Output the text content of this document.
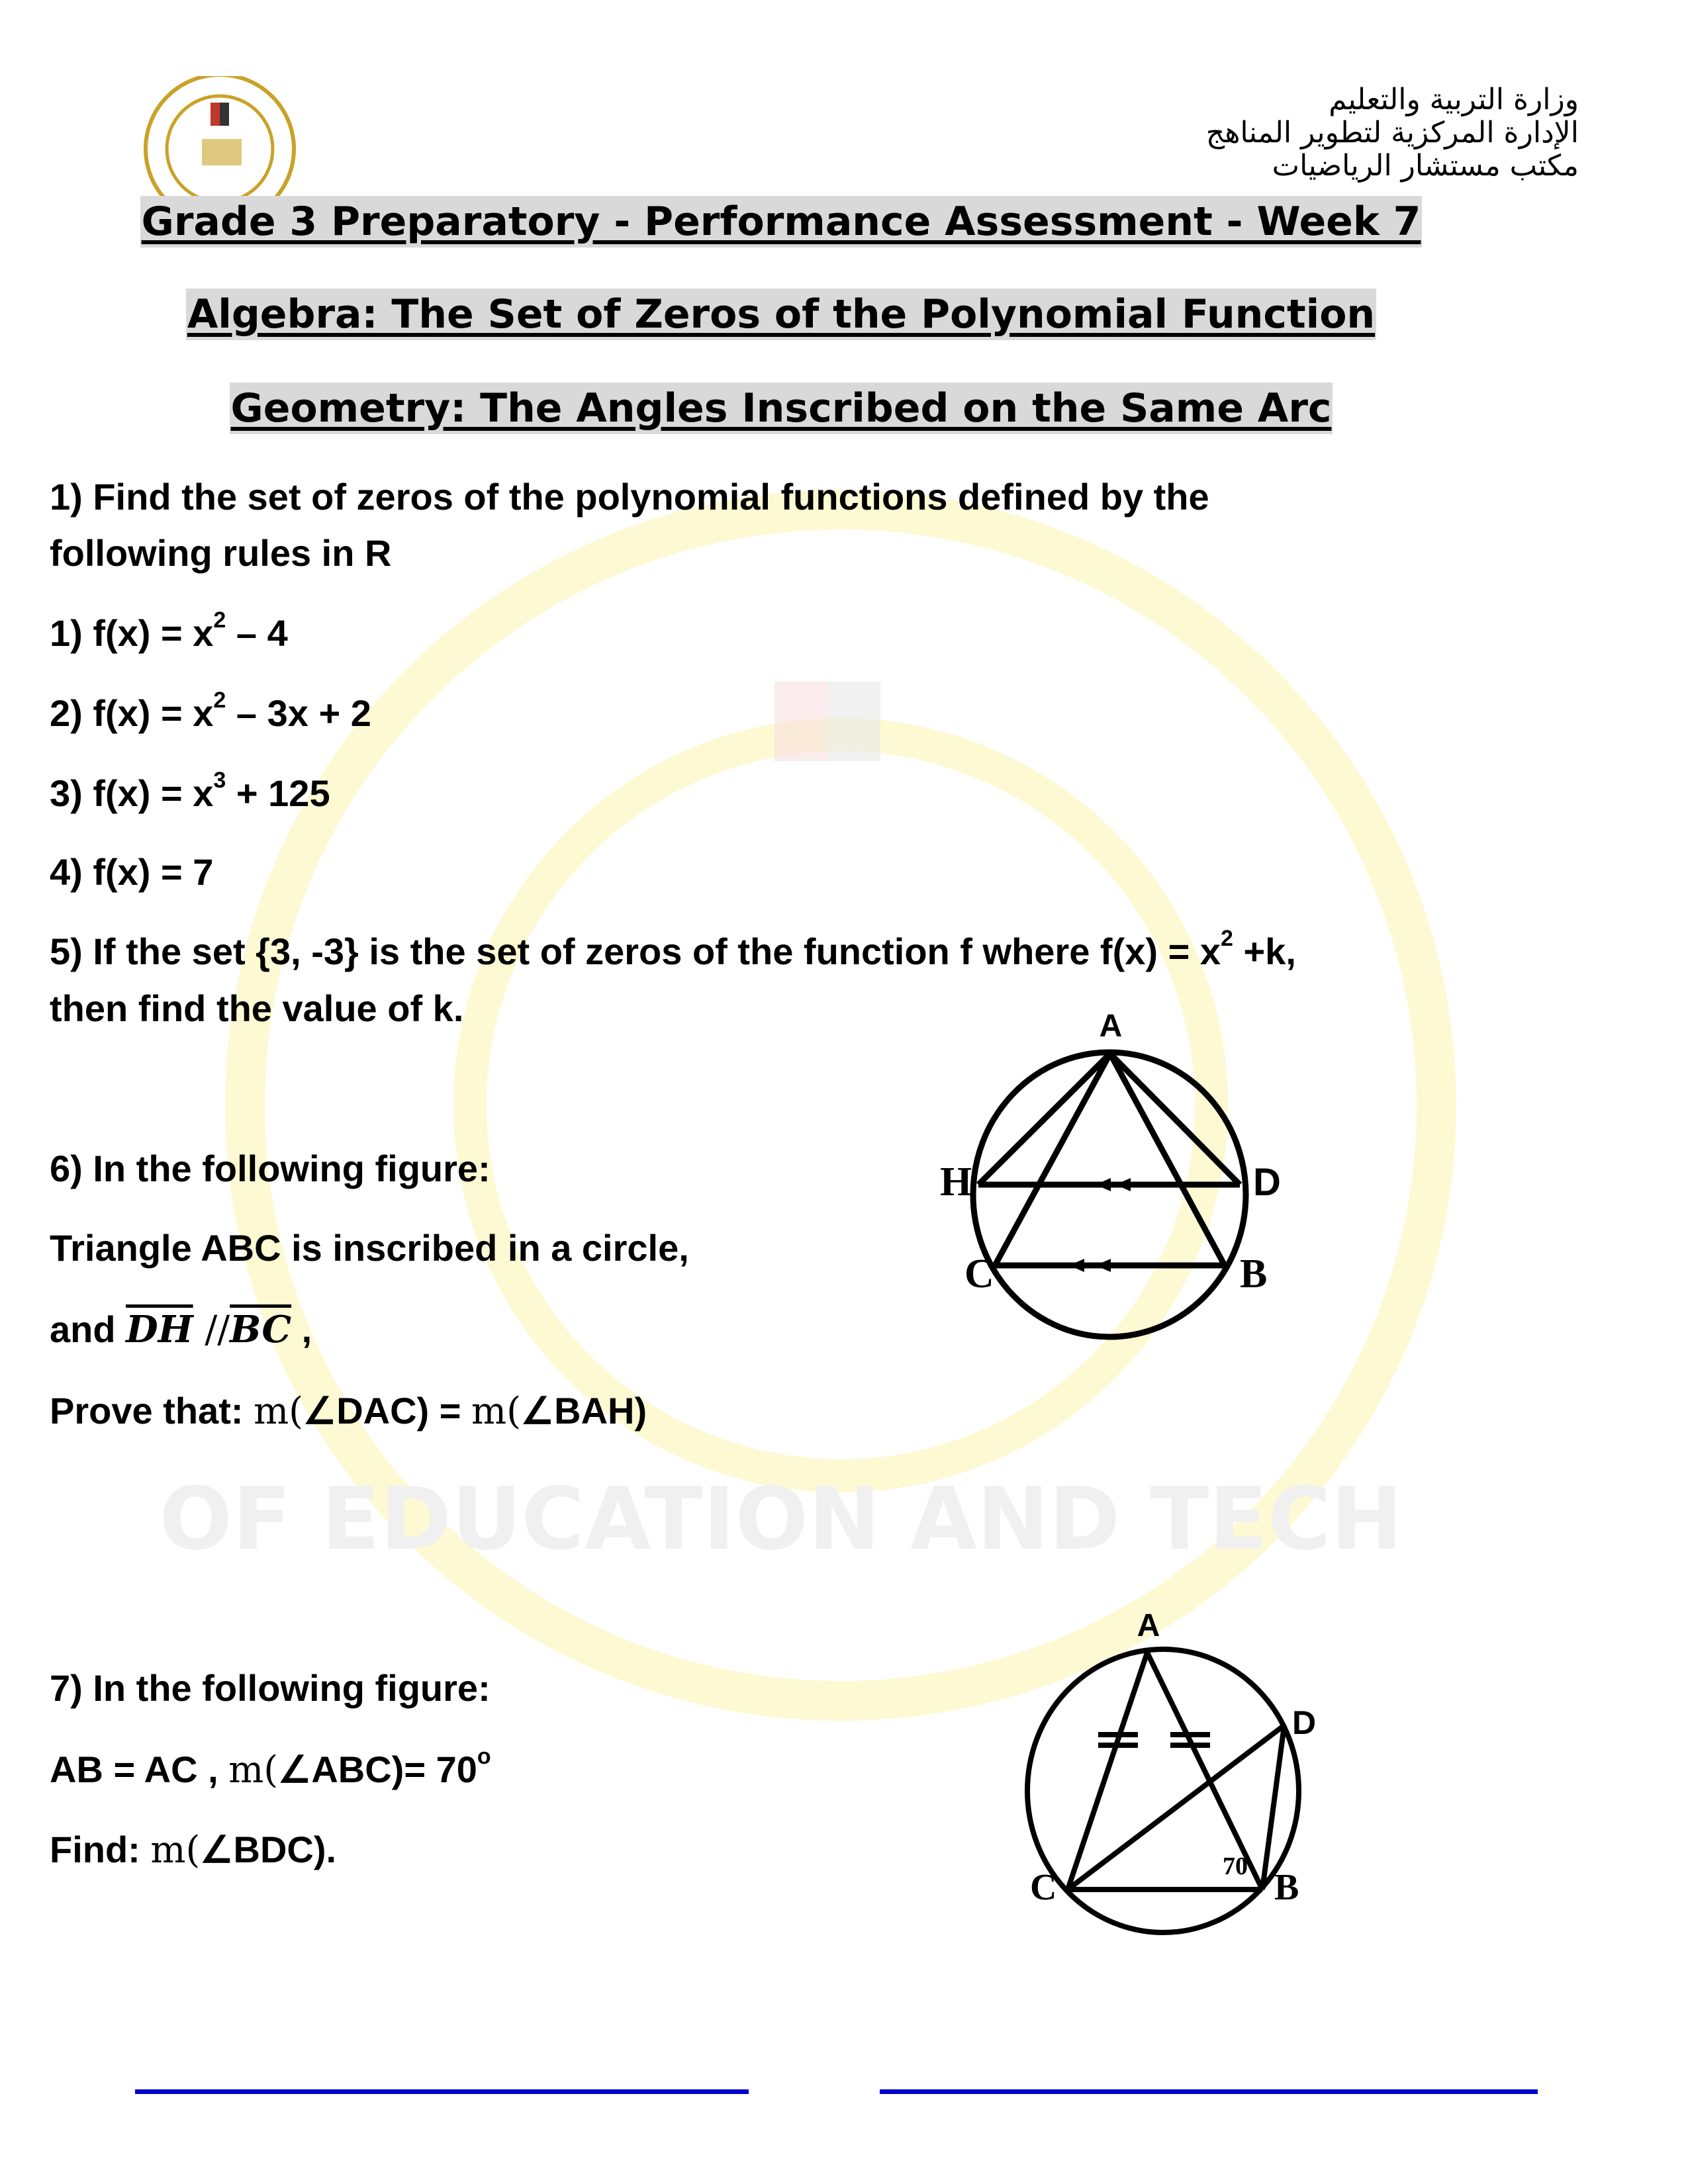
OF EDUCATION AND TECH
وزارة التربية والتعليم
الإدارة المركزية لتطوير المناهج
مكتب مستشار الرياضيات
Grade 3 Preparatory - Performance Assessment - Week 7
Algebra: The Set of Zeros of the Polynomial Function
Geometry: The Angles Inscribed on the Same Arc
1) Find the set of zeros of the polynomial functions defined by the
following rules in R
1) $f(x) = x^2 - 4$
2) $f(x) = x^2 - 3x + 2$
3) $f(x) = x^3 + 125$
4) f(x) = 7
5) If the set {3, -3} is the set of zeros of the function f where $f(x) = x^2 +k$,
then find the value of k.
6) In the following figure:
Triangle ABC is inscribed in a circle,
and $\overline{DH}$ $//\overline{BC}$ ,
Prove that: m(∠DAC) = m(∠BAH)
7) In the following figure:
AB = AC , m(∠ABC)= $70^o$
Find: m(∠BDC).
A
H	D
C	B
A
D
C	B
70
